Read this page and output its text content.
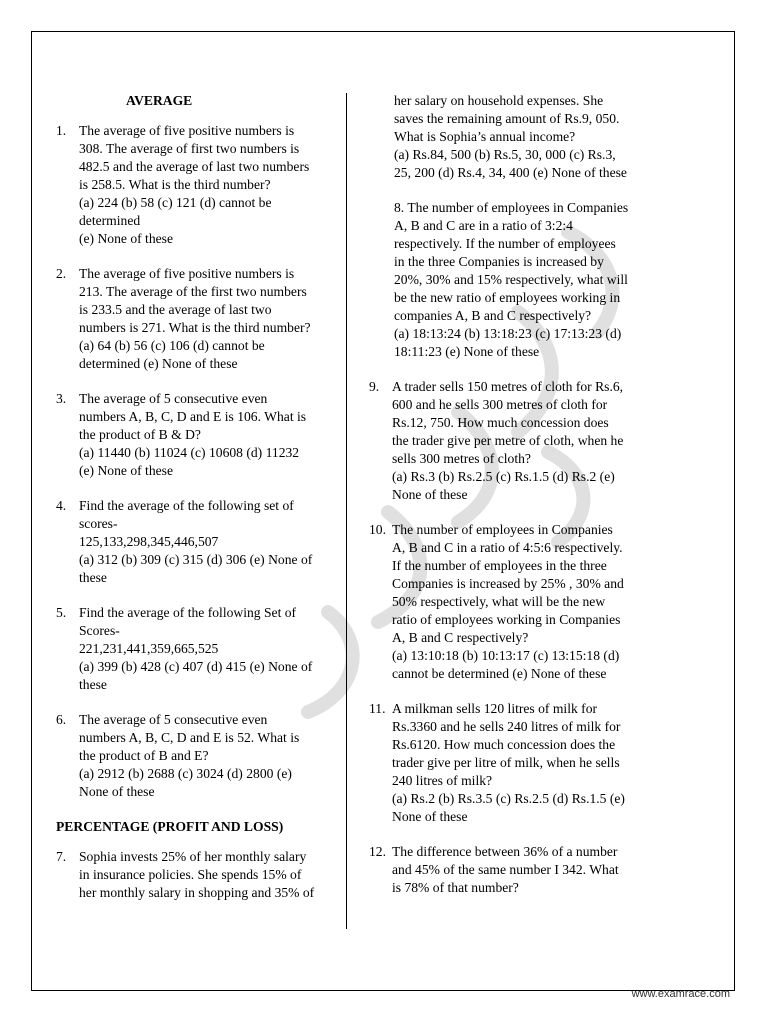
AVERAGE
1. The average of five positive numbers is
308. The average of first two numbers is
482.5 and the average of last two numbers
is 258.5. What is the third number?
(a) 224 (b) 58 (c) 121 (d) cannot be
determined
(e) None of these
2. The average of five positive numbers is
213. The average of the first two numbers
is 233.5 and the average of last two
numbers is 271. What is the third number?
(a) 64 (b) 56 (c) 106 (d) cannot be
determined (e) None of these
3. The average of 5 consecutive even
numbers A, B, C, D and E is 106. What is
the product of B & D?
(a) 11440 (b) 11024 (c) 10608 (d) 11232
(e) None of these
4. Find the average of the following set of
scores-
125,133,298,345,446,507
(a) 312 (b) 309 (c) 315 (d) 306 (e) None of
these
5. Find the average of the following Set of
Scores-
221,231,441,359,665,525
(a) 399 (b) 428 (c) 407 (d) 415 (e) None of
these
6. The average of 5 consecutive even
numbers A, B, C, D and E is 52. What is
the product of B and E?
(a) 2912 (b) 2688 (c) 3024 (d) 2800 (e)
None of these
PERCENTAGE (PROFIT AND LOSS)
7. Sophia invests 25% of her monthly salary
in insurance policies. She spends 15% of
her monthly salary in shopping and 35% of
her salary on household expenses. She
saves the remaining amount of Rs.9, 050.
What is Sophia’s annual income?
(a) Rs.84, 500 (b) Rs.5, 30, 000 (c) Rs.3,
25, 200 (d) Rs.4, 34, 400 (e) None of these
8. The number of employees in Companies
A, B and C are in a ratio of 3:2:4
respectively. If the number of employees
in the three Companies is increased by
20%, 30% and 15% respectively, what will
be the new ratio of employees working in
companies A, B and C respectively?
(a) 18:13:24 (b) 13:18:23 (c) 17:13:23 (d)
18:11:23 (e) None of these
9. A trader sells 150 metres of cloth for Rs.6,
600 and he sells 300 metres of cloth for
Rs.12, 750. How much concession does
the trader give per metre of cloth, when he
sells 300 metres of cloth?
(a) Rs.3 (b) Rs.2.5 (c) Rs.1.5 (d) Rs.2 (e)
None of these
10. The number of employees in Companies
A, B and C in a ratio of 4:5:6 respectively.
If the number of employees in the three
Companies is increased by 25% , 30% and
50% respectively, what will be the new
ratio of employees working in Companies
A, B and C respectively?
(a) 13:10:18 (b) 10:13:17 (c) 13:15:18 (d)
cannot be determined (e) None of these
11. A milkman sells 120 litres of milk for
Rs.3360 and he sells 240 litres of milk for
Rs.6120. How much concession does the
trader give per litre of milk, when he sells
240 litres of milk?
(a) Rs.2 (b) Rs.3.5 (c) Rs.2.5 (d) Rs.1.5 (e)
None of these
12. The difference between 36% of a number
and 45% of the same number I 342. What
is 78% of that number?
www.examrace.com
